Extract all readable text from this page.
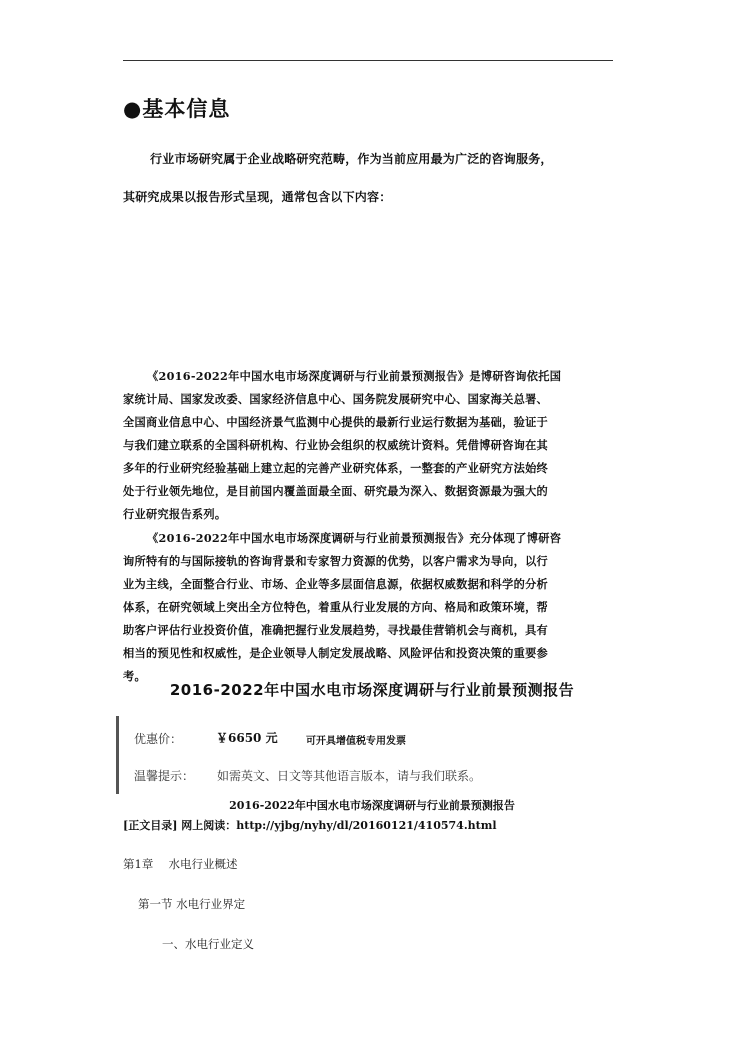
●基本信息
行业市场研究属于企业战略研究范畴，作为当前应用最为广泛的咨询服务，
其研究成果以报告形式呈现，通常包含以下内容：
《2016-2022年中国水电市场深度调研与行业前景预测报告》是博研咨询依托国
家统计局、国家发改委、国家经济信息中心、国务院发展研究中心、国家海关总署、
全国商业信息中心、中国经济景气监测中心提供的最新行业运行数据为基础，验证于
与我们建立联系的全国科研机构、行业协会组织的权威统计资料。凭借博研咨询在其
多年的行业研究经验基础上建立起的完善产业研究体系，一整套的产业研究方法始终
处于行业领先地位，是目前国内覆盖面最全面、研究最为深入、数据资源最为强大的
行业研究报告系列。
《2016-2022年中国水电市场深度调研与行业前景预测报告》充分体现了博研咨
询所特有的与国际接轨的咨询背景和专家智力资源的优势，以客户需求为导向，以行
业为主线，全面整合行业、市场、企业等多层面信息源，依据权威数据和科学的分析
体系，在研究领域上突出全方位特色，着重从行业发展的方向、格局和政策环境，帮
助客户评估行业投资价值，准确把握行业发展趋势，寻找最佳营销机会与商机，具有
相当的预见性和权威性，是企业领导人制定发展战略、风险评估和投资决策的重要参
考。
2016-2022年中国水电市场深度调研与行业前景预测报告
优惠价：	￥6650 元	可开具增值税专用发票
温馨提示： 如需英文、日文等其他语言版本，请与我们联系。
2016-2022年中国水电市场深度调研与行业前景预测报告
[正文目录] 网上阅读：http://yjbg/nyhy/dl/20160121/410574.html
第1章　 水电行业概述
第一节 水电行业界定
一、水电行业定义
